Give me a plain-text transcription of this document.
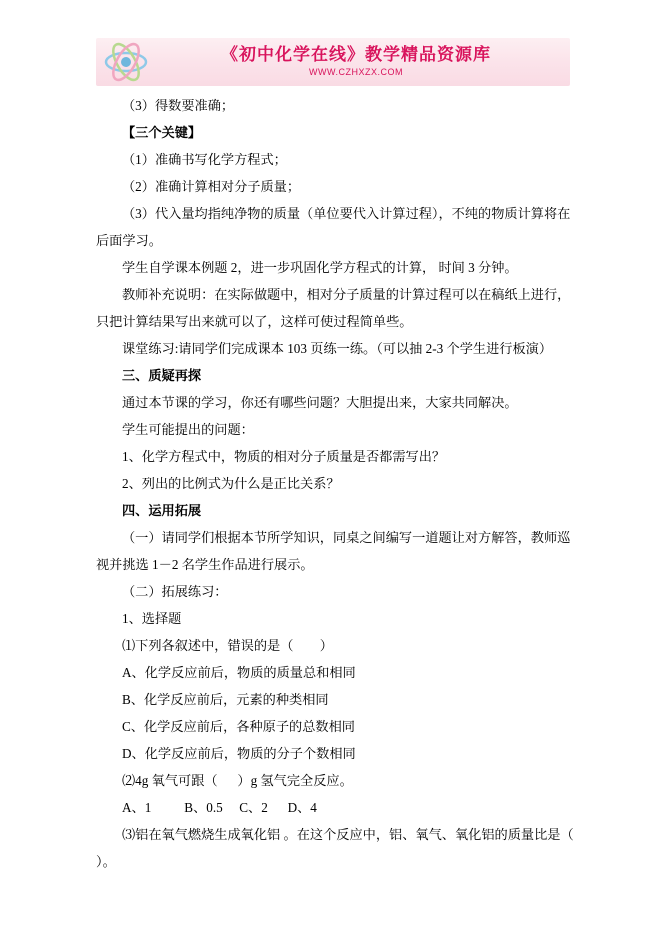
《初中化学在线》教学精品资源库
WWW.CZHXZX.COM
（3）得数要准确；
【三个关键】
（1）准确书写化学方程式；
（2）准确计算相对分子质量；
（3）代入量均指纯净物的质量（单位要代入计算过程），不纯的物质计算将在后面学习。
学生自学课本例题 2，进一步巩固化学方程式的计算， 时间 3 分钟。
教师补充说明：在实际做题中，相对分子质量的计算过程可以在稿纸上进行，只把计算结果写出来就可以了，这样可使过程简单些。
课堂练习:请同学们完成课本 103 页练一练。（可以抽 2-3 个学生进行板演）
三、质疑再探
通过本节课的学习，你还有哪些问题？大胆提出来，大家共同解决。
学生可能提出的问题：
1、化学方程式中，物质的相对分子质量是否都需写出？
2、列出的比例式为什么是正比关系？
四、运用拓展
（一）请同学们根据本节所学知识，同桌之间编写一道题让对方解答，教师巡视并挑选 1－2 名学生作品进行展示。
（二）拓展练习：
1、选择题
⑴下列各叙述中，错误的是（        ）
A、化学反应前后，物质的质量总和相同
B、化学反应前后，元素的种类相同
C、化学反应前后，各种原子的总数相同
D、化学反应前后，物质的分子个数相同
⑵4g 氧气可跟（      ）g 氢气完全反应。
A、1          B、0.5     C、2      D、4
⑶铝在氧气燃烧生成氧化铝 。在这个反应中，铝、氧气、氧化铝的质量比是（     ）。
